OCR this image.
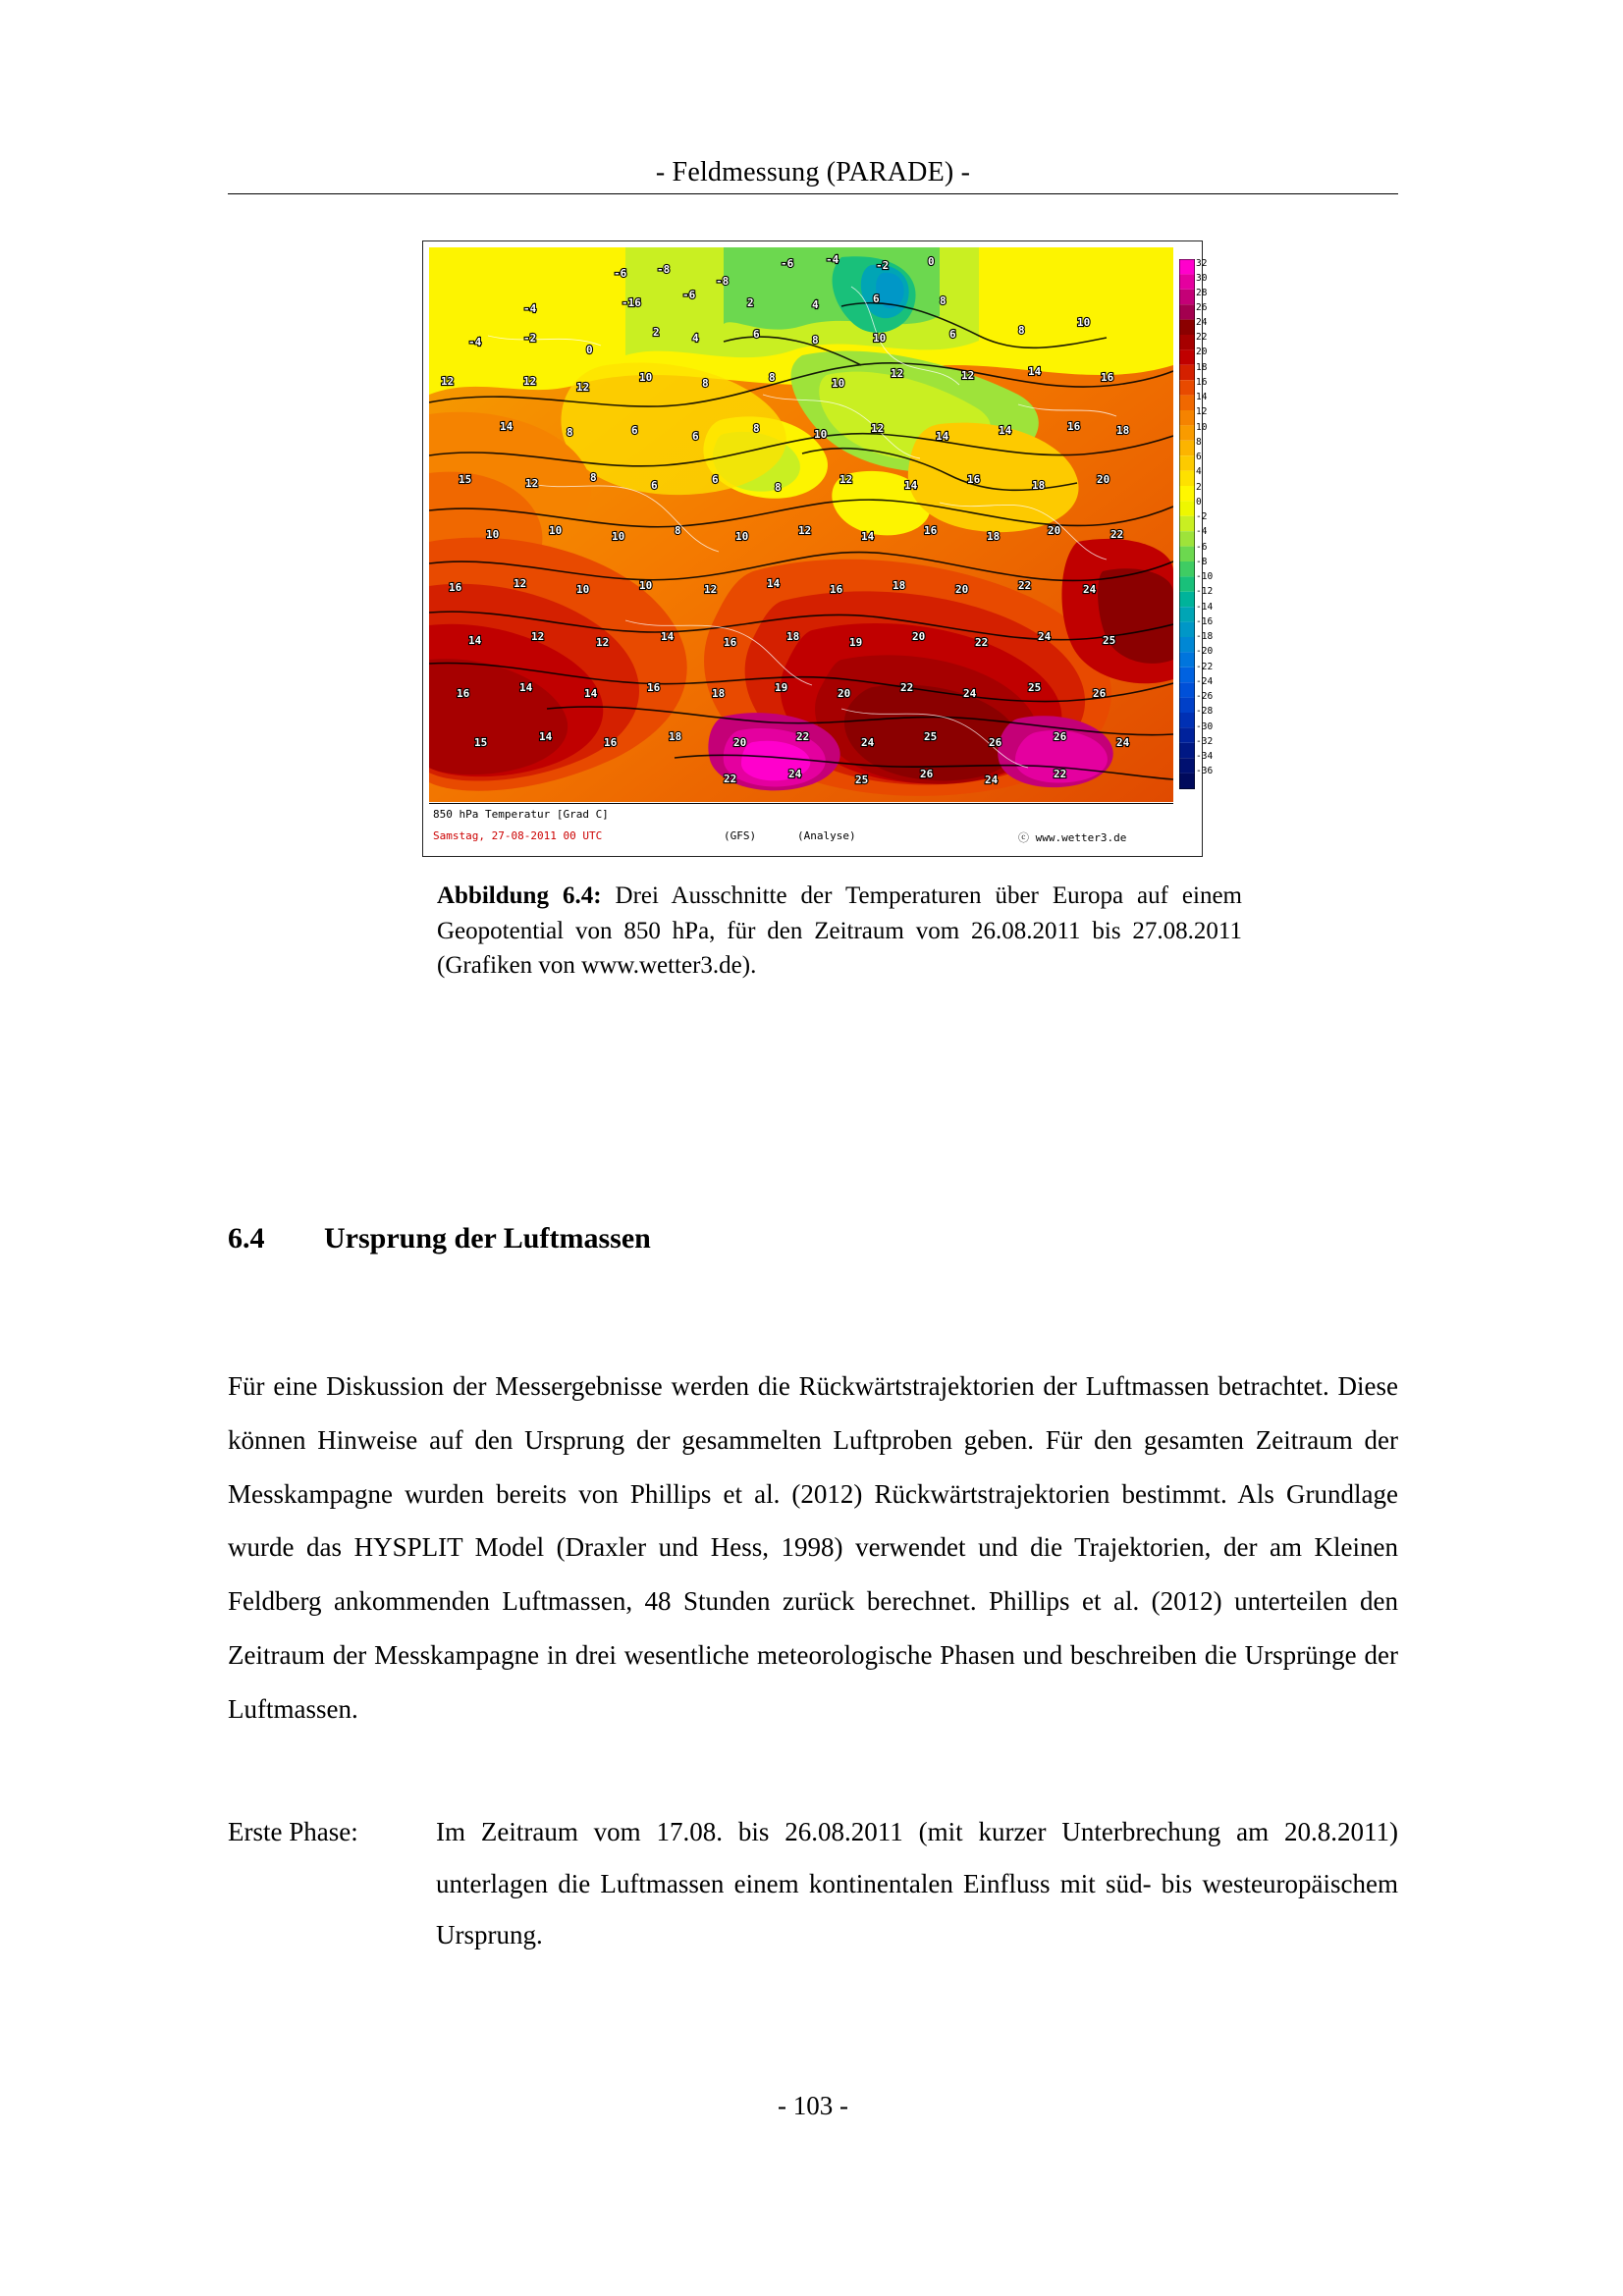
- Feldmessung (PARADE) -
-6	-8
-8
-6	-4	-2	0
-16
-4
-6
2	4	6	8
-4	-2
0
2	4	6	8	10	6	8
10
12	12	12
10	8	8	10
12	12	14	16
14	8	6	6
8	10	12
14	14	16	18
15	12	8
6	6
8
12	14	16	18	20
10	10	10	8	10	12	14	16	18	20	22
16	12	10	10	12	14	16	18	20	22	24
14	12	12	14	16	18	19	20	22	24	25
16	14	14	16	18	19	20	22	24	25	26
15	14	16	18	20	22	24	25	26	26	24
22	24	25	26	24	22
32
30
28
26
24
22
20
18
16
14
12
10
8
6
4
2
0
-2
-4
-6
-8
-10
-12
-14
-16
-18
-20
-22
-24
-26
-28
-30
-32
-34
-36
850 hPa Temperatur [Grad C]
Samstag, 27-08-2011 00 UTC	(GFS)	(Analyse)	ⓒ www.wetter3.de
Abbildung 6.4: Drei Ausschnitte der Temperaturen über Europa auf einem Geopotential von 850 hPa, für den Zeitraum vom 26.08.2011 bis 27.08.2011 (Grafiken von www.wetter3.de).
6.4 Ursprung der Luftmassen
Für eine Diskussion der Messergebnisse werden die Rückwärtstrajektorien der Luftmassen betrachtet. Diese können Hinweise auf den Ursprung der gesammelten Luftproben geben. Für den gesamten Zeitraum der Messkampagne wurden bereits von Phillips et al. (2012) Rückwärtstrajektorien bestimmt. Als Grundlage wurde das HYSPLIT Model (Draxler und Hess, 1998) verwendet und die Trajektorien, der am Kleinen Feldberg ankommenden Luftmassen, 48 Stunden zurück berechnet. Phillips et al. (2012) unterteilen den Zeitraum der Messkampagne in drei wesentliche meteorologische Phasen und beschreiben die Ursprünge der Luftmassen.
Erste Phase:	Im Zeitraum vom 17.08. bis 26.08.2011 (mit kurzer Unterbrechung am 20.8.2011) unterlagen die Luftmassen einem kontinentalen Einfluss mit süd- bis westeuropäischem Ursprung.
- 103 -
